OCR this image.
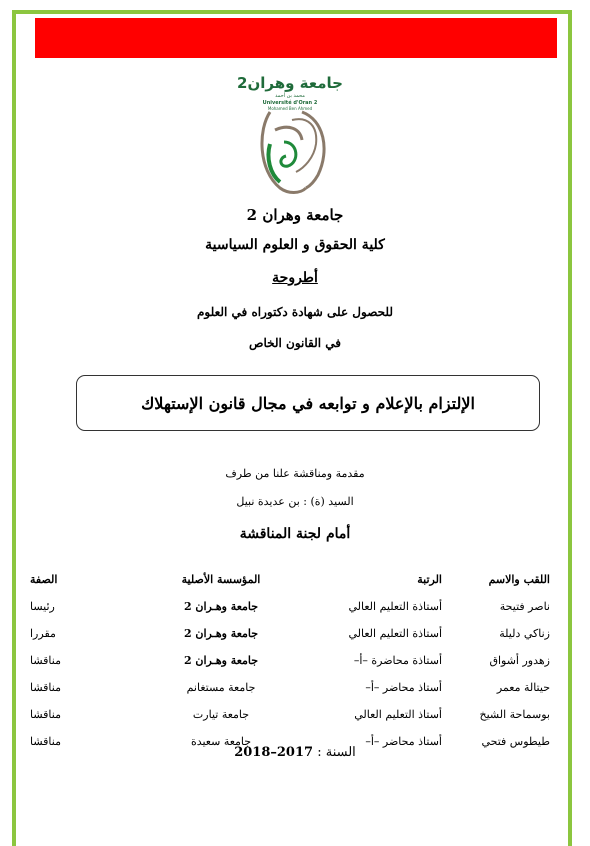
جامعة وهران2
محمد بن أحمد
Université d'Oran 2
Mohamed Ben Ahmed
جامعة وهران 2
كلية الحقوق و العلوم السياسية
أطروحة
للحصول على شهادة دكتوراه في العلوم
في القانون الخاص
الإلتزام بالإعلام و توابعه في مجال قانون الإستهلاك
مقدمة ومناقشة علنا من طرف
السيد (ة) : بن عديدة نبيل
أمام لجنة المناقشة
اللقب والاسم
الرتبة
المؤسسة الأصلية
الصفة
ناصر فتيحة
أستاذة التعليم العالي
جامعة وهـران 2
رئيسا
زناكي دليلة
أستاذة التعليم العالي
جامعة وهـران 2
مقررا
زهدور أشواق
أستاذة محاضرة –أ–
جامعة وهـران 2
مناقشا
حيتالة معمر
أستاذ محاضر –أ–
جامعة مستغانم
مناقشا
بوسماحة الشيخ
أستاذ التعليم العالي
جامعة تيارت
مناقشا
طيطوس فتحي
أستاذ محاضر –أ–
جامعة سعيدة
مناقشا
السنة : 2018–2017
